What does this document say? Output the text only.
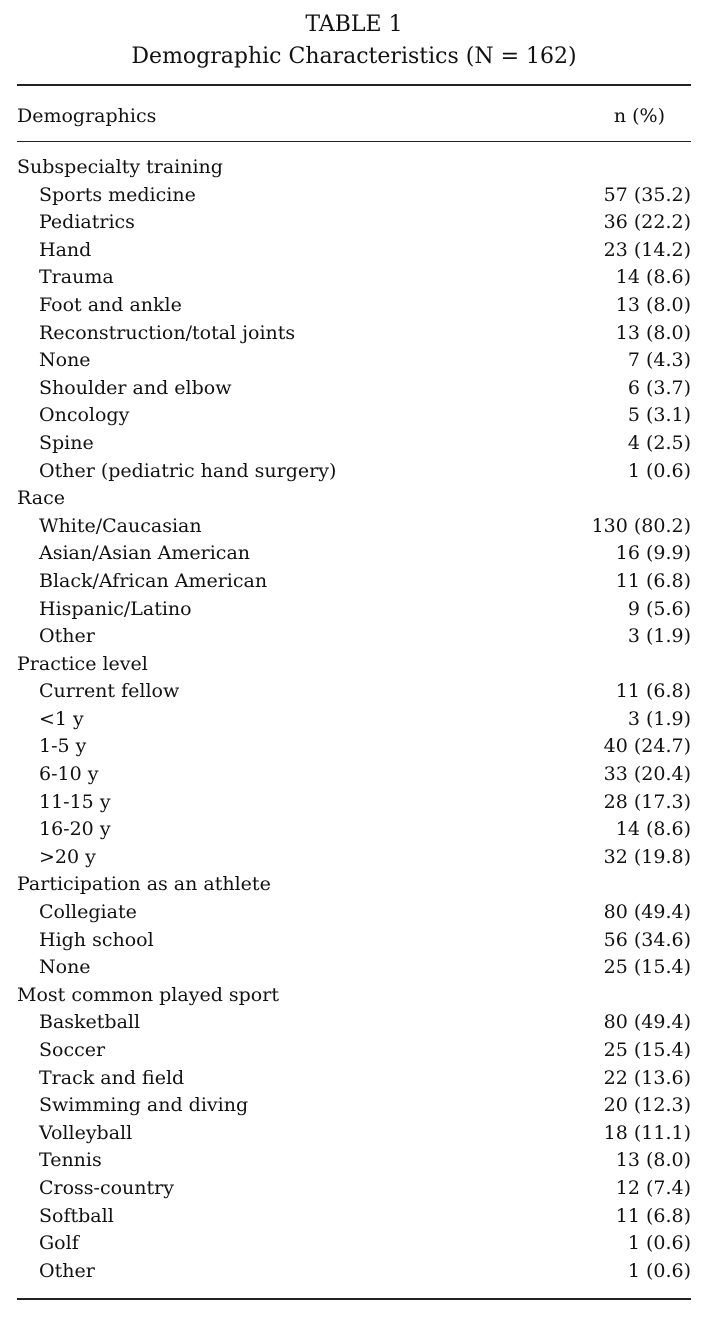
TABLE 1
Demographic Characteristics (N = 162)
Demographics	n (%)
Subspecialty training
Sports medicine	57 (35.2)
Pediatrics	36 (22.2)
Hand	23 (14.2)
Trauma	14 (8.6)
Foot and ankle	13 (8.0)
Reconstruction/total joints	13 (8.0)
None	7 (4.3)
Shoulder and elbow	6 (3.7)
Oncology	5 (3.1)
Spine	4 (2.5)
Other (pediatric hand surgery)	1 (0.6)
Race
White/Caucasian	130 (80.2)
Asian/Asian American	16 (9.9)
Black/African American	11 (6.8)
Hispanic/Latino	9 (5.6)
Other	3 (1.9)
Practice level
Current fellow	11 (6.8)
<1 y	3 (1.9)
1-5 y	40 (24.7)
6-10 y	33 (20.4)
11-15 y	28 (17.3)
16-20 y	14 (8.6)
>20 y	32 (19.8)
Participation as an athlete
Collegiate	80 (49.4)
High school	56 (34.6)
None	25 (15.4)
Most common played sport
Basketball	80 (49.4)
Soccer	25 (15.4)
Track and field	22 (13.6)
Swimming and diving	20 (12.3)
Volleyball	18 (11.1)
Tennis	13 (8.0)
Cross-country	12 (7.4)
Softball	11 (6.8)
Golf	1 (0.6)
Other	1 (0.6)
